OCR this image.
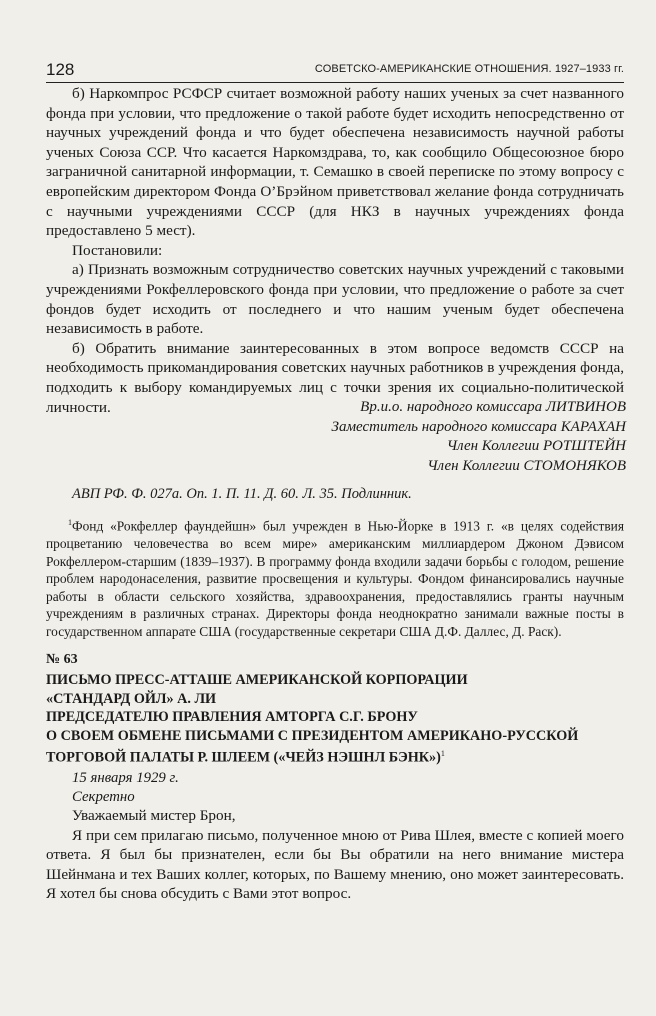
128	СОВЕТСКО-АМЕРИКАНСКИЕ ОТНОШЕНИЯ. 1927–1933 гг.

б) Наркомпрос РСФСР считает возможной работу наших ученых за счет названного фонда при условии, что предложение о такой работе будет исходить непосредственно от научных учреждений фонда и что будет обеспечена независимость научной работы ученых Союза ССР. Что касается Наркомздрава, то, как сообщило Общесоюзное бюро заграничной санитарной информации, т. Семашко в своей переписке по этому вопросу с европейским директором Фонда О’Брэйном приветствовал желание фонда сотрудничать с научными учреждениями СССР (для НКЗ в научных учреждениях фонда предоставлено 5 мест).

Постановили:

а) Признать возможным сотрудничество советских научных учреждений с таковыми учреждениями Рокфеллеровского фонда при условии, что предложение о работе за счет фондов будет исходить от последнего и что нашим ученым будет обеспечена независимость в работе.

б) Обратить внимание заинтересованных в этом вопросе ведомств СССР на необходимость прикомандирования советских научных работников в учреждения фонда, подходить к выбору командируемых лиц с точки зрения их социально-политической личности.	Вр.и.о. народного комиссара ЛИТВИНОВ
Заместитель народного комиссара КАРАХАН
Член Коллегии РОТШТЕЙН
Член Коллегии СТОМОНЯКОВ
АВП РФ. Ф. 027а. Оп. 1. П. 11. Д. 60. Л. 35. Подлинник.
$^1$Фонд «Рокфеллер фаундейшн» был учрежден в Нью-Йорке в 1913 г. «в целях содействия процветанию человечества во всем мире» американским миллиардером Джоном Дэвисом Рокфеллером-старшим (1839–1937). В программу фонда входили задачи борьбы с голодом, решение проблем народонаселения, развитие просвещения и культуры. Фондом финансировались научные работы в области сельского хозяйства, здравоохранения, предоставлялись гранты научным учреждениям в различных странах. Директоры фонда неоднократно занимали важные посты в государственном аппарате США (государственные секретари США Д.Ф. Даллес, Д. Раск).
№ 63
ПИСЬМО ПРЕСС-АТТАШЕ АМЕРИКАНСКОЙ КОРПОРАЦИИ
«СТАНДАРД ОЙЛ» А. ЛИ
ПРЕДСЕДАТЕЛЮ ПРАВЛЕНИЯ АМТОРГА С.Г. БРОНУ
О СВОЕМ ОБМЕНЕ ПИСЬМАМИ С ПРЕЗИДЕНТОМ АМЕРИКАНО-РУССКОЙ
ТОРГОВОЙ ПАЛАТЫ Р. ШЛЕЕМ («ЧЕЙЗ НЭШНЛ БЭНК»)$^1$
15 января 1929 г.
Секретно

Уважаемый мистер Брон,

Я при сем прилагаю письмо, полученное мною от Рива Шлея, вместе с копией моего ответа. Я был бы признателен, если бы Вы обратили на него внимание мистера Шейнмана и тех Ваших коллег, которых, по Вашему мнению, оно может заинтересовать. Я хотел бы снова обсудить с Вами этот вопрос.
